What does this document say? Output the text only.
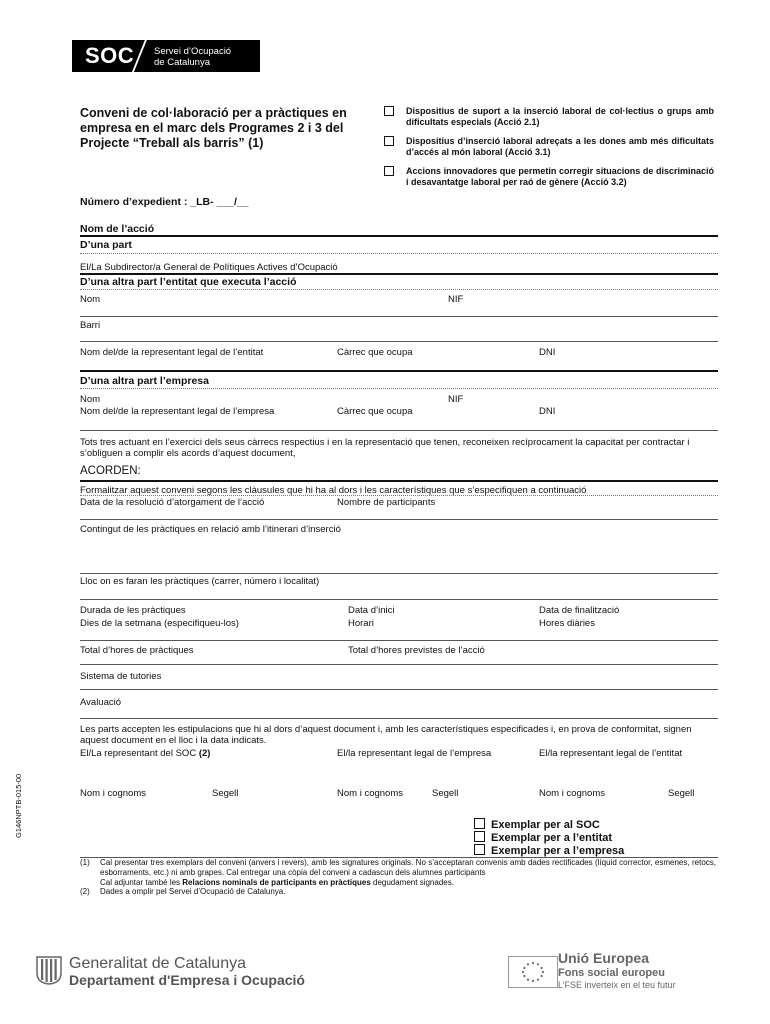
SOC Servei d’Ocupació
de Catalunya
Conveni de col·laboració per a pràctiques en empresa en el marc dels Programes 2 i 3 del Projecte “Treball als barris” (1)
Número d’expedient : _LB- ___/__
Dispositius de suport a la inserció laboral de col·lectius o grups amb dificultats especials (Acció 2.1)
Dispositius d’inserció laboral adreçats a les dones amb més dificultats d’accés al món laboral (Acció 3.1)
Accions innovadores que permetin corregir situacions de discriminació i desavantatge laboral per raó de gènere (Acció 3.2)
Nom de l’acció
D’una part
El/La Subdirector/a General de Polítiques Actives d’Ocupació
D’una altra part l’entitat que executa l’acció
Nom	NIF
Barri
Nom del/de la representant legal de l’entitat	Càrrec que ocupa	DNI
D’una altra part l’empresa
Nom	NIF
Nom del/de la representant legal de l’empresa	Càrrec que ocupa	DNI
Tots tres actuant en l’exercici dels seus càrrecs respectius i en la representació que tenen, reconeixen recíprocament la capacitat per contractar i s’obliguen a complir els acords d’aquest document,
ACORDEN:
Formalitzar aquest conveni segons les clàusules que hi ha al dors i les característiques que s’especifiquen a continuació
Data de la resolució d’atorgament de l’acció	Nombre de participants
Contingut de les pràctiques en relació amb l’itinerari d’inserció
Lloc on es faran les pràctiques (carrer, número i localitat)
Durada de les pràctiques	Data d’inici	Data de finalització
Dies de la setmana (especifiqueu-los)	Horari	Hores diàries
Total d’hores de pràctiques	Total d’hores previstes de l’acció
Sistema de tutories
Avaluació
Les parts accepten les estipulacions que hi al dors d’aquest document i, amb les característiques especificades i, en prova de conformitat, signen aquest document en el lloc i la data indicats.
El/La representant del SOC (2)	El/la representant legal de l’empresa	El/la representant legal de l’entitat
Nom i cognoms	Segell	Nom i cognoms	Segell	Nom i cognoms	Segell
Exemplar per al SOC
Exemplar per a l’entitat
Exemplar per a l’empresa
(1)	Cal presentar tres exemplars del conveni (anvers i revers), amb les signatures originals. No s’acceptaran convenis amb dades rectificades (líquid corrector, esmenes, retocs, esborraments, etc.) ni amb grapes. Cal entregar una còpia del conveni a cadascun dels alumnes participants
Cal adjuntar també les Relacions nominals de participants en pràctiques degudament signades.
(2)	Dades a omplir pel Servei d’Ocupació de Catalunya.
G146NPTB-015-00
Generalitat de Catalunya
Departament d'Empresa i Ocupació
Unió Europea
Fons social europeu
L’FSE inverteix en el teu futur
